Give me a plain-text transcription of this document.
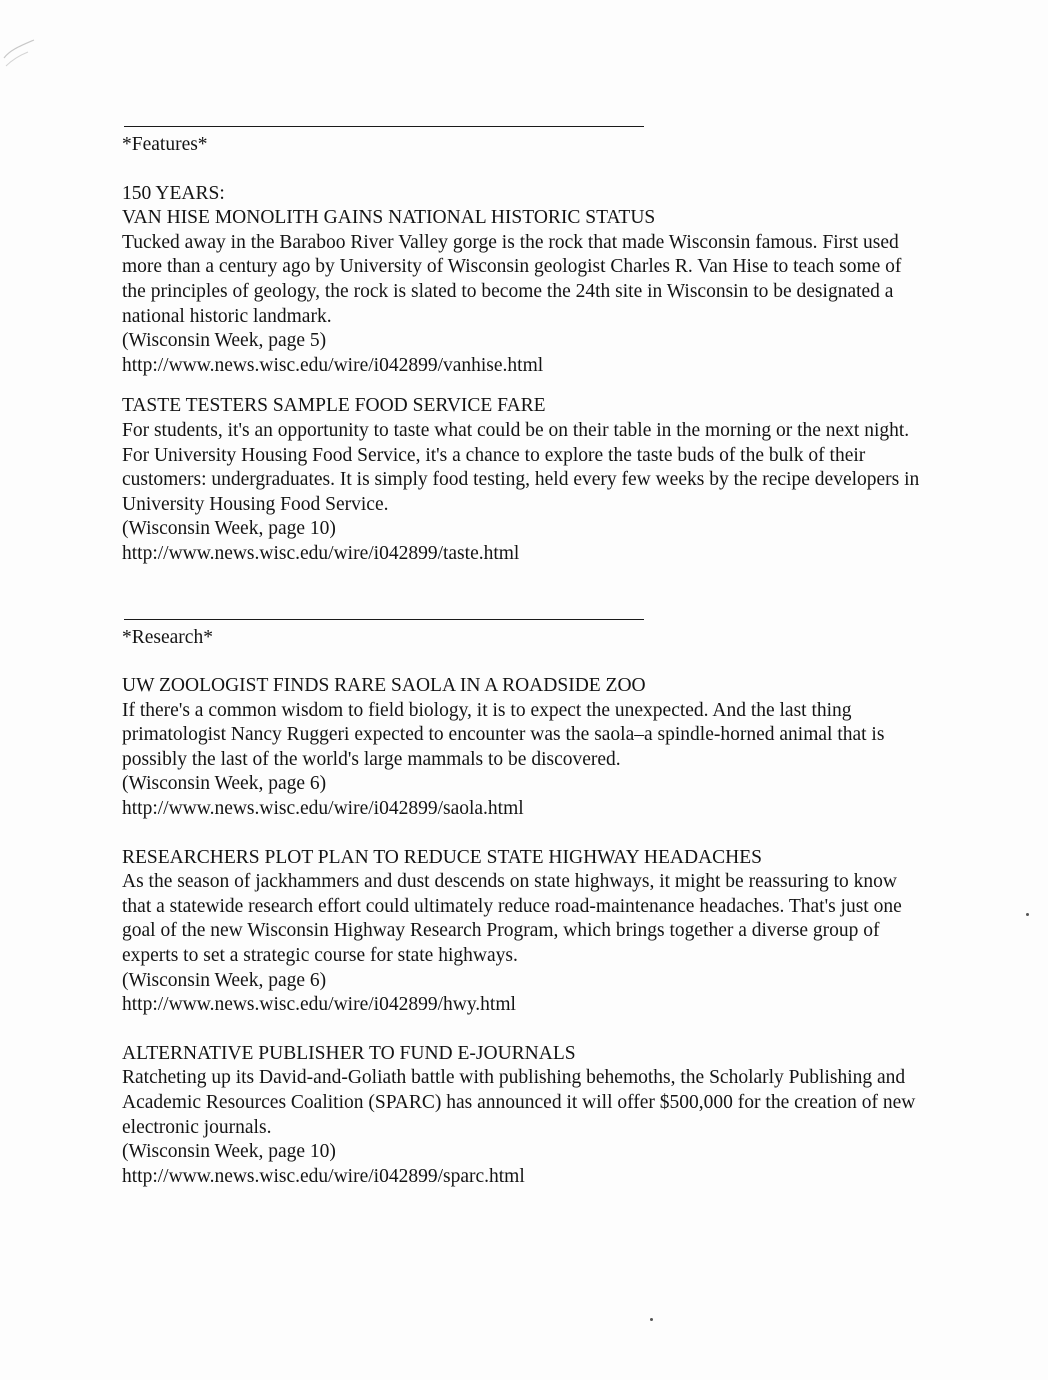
*Features*

150 YEARS:

VAN HISE MONOLITH GAINS NATIONAL HISTORIC STATUS

Tucked away in the Baraboo River Valley gorge is the rock that made Wisconsin famous. First used more than a century ago by University of Wisconsin geologist Charles R. Van Hise to teach some of the principles of geology, the rock is slated to become the 24th site in Wisconsin to be designated a national historic landmark.

(Wisconsin Week, page 5)

http://www.news.wisc.edu/wire/i042899/vanhise.html

TASTE TESTERS SAMPLE FOOD SERVICE FARE

For students, it's an opportunity to taste what could be on their table in the morning or the next night. For University Housing Food Service, it's a chance to explore the taste buds of the bulk of their customers: undergraduates. It is simply food testing, held every few weeks by the recipe developers in University Housing Food Service.

(Wisconsin Week, page 10)

http://www.news.wisc.edu/wire/i042899/taste.html

*Research*

UW ZOOLOGIST FINDS RARE SAOLA IN A ROADSIDE ZOO

If there's a common wisdom to field biology, it is to expect the unexpected. And the last thing primatologist Nancy Ruggeri expected to encounter was the saola–a spindle-horned animal that is possibly the last of the world's large mammals to be discovered.

(Wisconsin Week, page 6)

http://www.news.wisc.edu/wire/i042899/saola.html

RESEARCHERS PLOT PLAN TO REDUCE STATE HIGHWAY HEADACHES

As the season of jackhammers and dust descends on state highways, it might be reassuring to know that a statewide research effort could ultimately reduce road-maintenance headaches. That's just one goal of the new Wisconsin Highway Research Program, which brings together a diverse group of experts to set a strategic course for state highways.

(Wisconsin Week, page 6)

http://www.news.wisc.edu/wire/i042899/hwy.html

ALTERNATIVE PUBLISHER TO FUND E-JOURNALS

Ratcheting up its David-and-Goliath battle with publishing behemoths, the Scholarly Publishing and Academic Resources Coalition (SPARC) has announced it will offer $500,000 for the creation of new electronic journals.

(Wisconsin Week, page 10)

http://www.news.wisc.edu/wire/i042899/sparc.html
